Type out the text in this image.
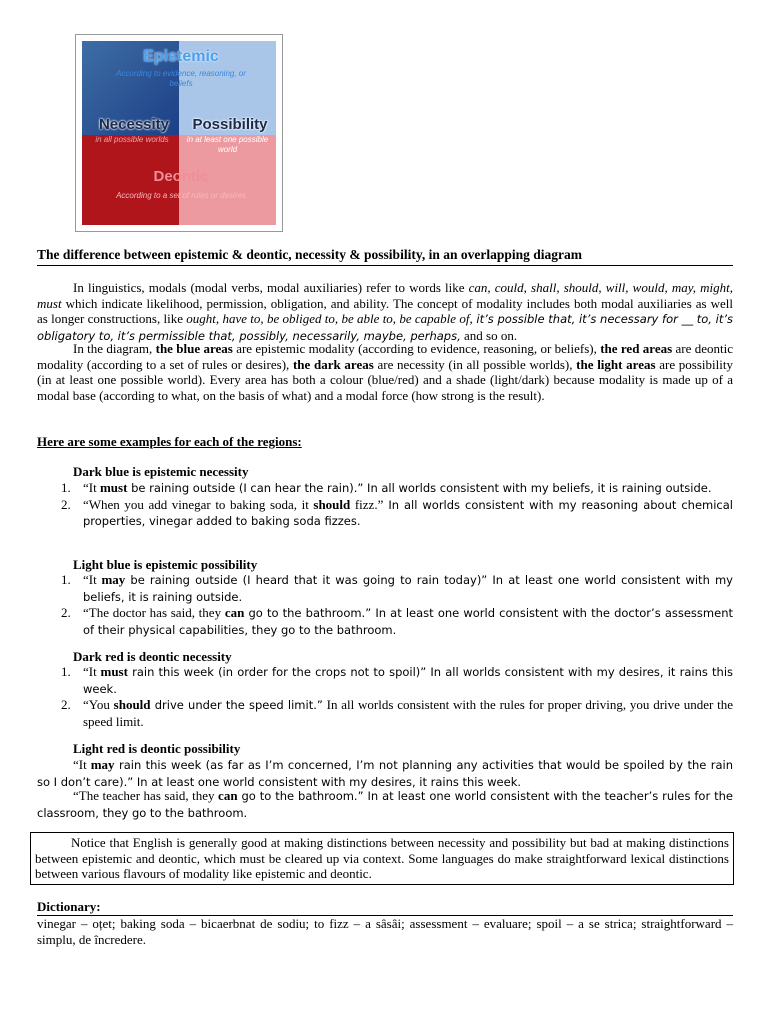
Epistemic
According to evidence, reasoning, or beliefs
Necessity
in all possible worlds
Possibility
in at least one possible world
Deontic
According to a set of rules or desires
The difference between epistemic & deontic, necessity & possibility, in an overlapping diagram
In linguistics, modals (modal verbs, modal auxiliaries) refer to words like can, could, shall, should, will, would, may, might, must which indicate likelihood, permission, obligation, and ability. The concept of modality includes both modal auxiliaries as well as longer constructions, like ought, have to, be obliged to, be able to, be capable of, it’s possible that, it’s necessary for __ to, it’s obligatory to, it’s permissible that, possibly, necessarily, maybe, perhaps, and so on.
In the diagram, the blue areas are epistemic modality (according to evidence, reasoning, or beliefs), the red areas are deontic modality (according to a set of rules or desires), the dark areas are necessity (in all possible worlds), the light areas are possibility (in at least one possible world). Every area has both a colour (blue/red) and a shade (light/dark) because modality is made up of a modal base (according to what, on the basis of what) and a modal force (how strong is the result).
Here are some examples for each of the regions:
Dark blue is epistemic necessity
1. “It must be raining outside (I can hear the rain).” In all worlds consistent with my beliefs, it is raining outside.
2. “When you add vinegar to baking soda, it should fizz.” In all worlds consistent with my reasoning about chemical properties, vinegar added to baking soda fizzes.
Light blue is epistemic possibility
1. “It may be raining outside (I heard that it was going to rain today)” In at least one world consistent with my beliefs, it is raining outside.
2. “The doctor has said, they can go to the bathroom.” In at least one world consistent with the doctor’s assessment of their physical capabilities, they go to the bathroom.
Dark red is deontic necessity
1. “It must rain this week (in order for the crops not to spoil)” In all worlds consistent with my desires, it rains this week.
2. “You should drive under the speed limit.” In all worlds consistent with the rules for proper driving, you drive under the speed limit.
Light red is deontic possibility
“It may rain this week (as far as I’m concerned, I’m not planning any activities that would be spoiled by the rain so I don’t care).” In at least one world consistent with my desires, it rains this week.
“The teacher has said, they can go to the bathroom.” In at least one world consistent with the teacher’s rules for the classroom, they go to the bathroom.
Notice that English is generally good at making distinctions between necessity and possibility but bad at making distinctions between epistemic and deontic, which must be cleared up via context. Some languages do make straightforward lexical distinctions between various flavours of modality like epistemic and deontic.
Dictionary:
vinegar – oțet; baking soda – bicaerbnat de sodiu; to fizz – a sâsâi; assessment – evaluare; spoil – a se strica; straightforward – simplu, de încredere.
